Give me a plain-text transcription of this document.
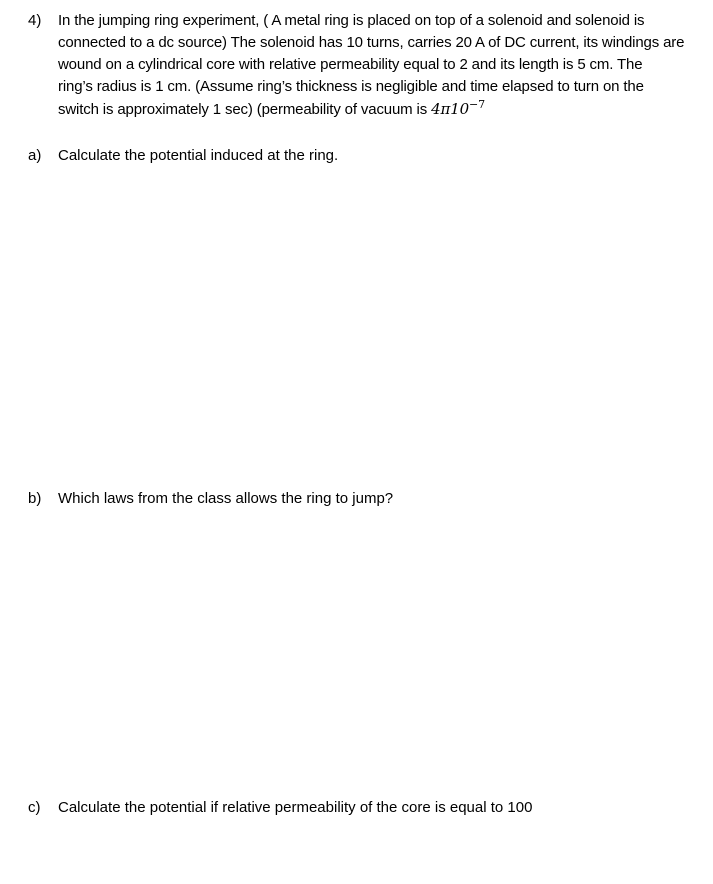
4) In the jumping ring experiment, ( A metal ring is placed on top of a solenoid and solenoid is
connected to a dc source) The solenoid has 10 turns, carries 20 A of DC current, its windings are
wound on a cylindrical core with relative permeability equal to 2 and its length is 5 cm. The
ring’s radius is 1 cm. (Assume ring’s thickness is negligible and time elapsed to turn on the
switch is approximately 1 sec) (permeability of vacuum is $4\pi 10^{-7}$
a) Calculate the potential induced at the ring.
b) Which laws from the class allows the ring to jump?
c) Calculate the potential if relative permeability of the core is equal to 100
